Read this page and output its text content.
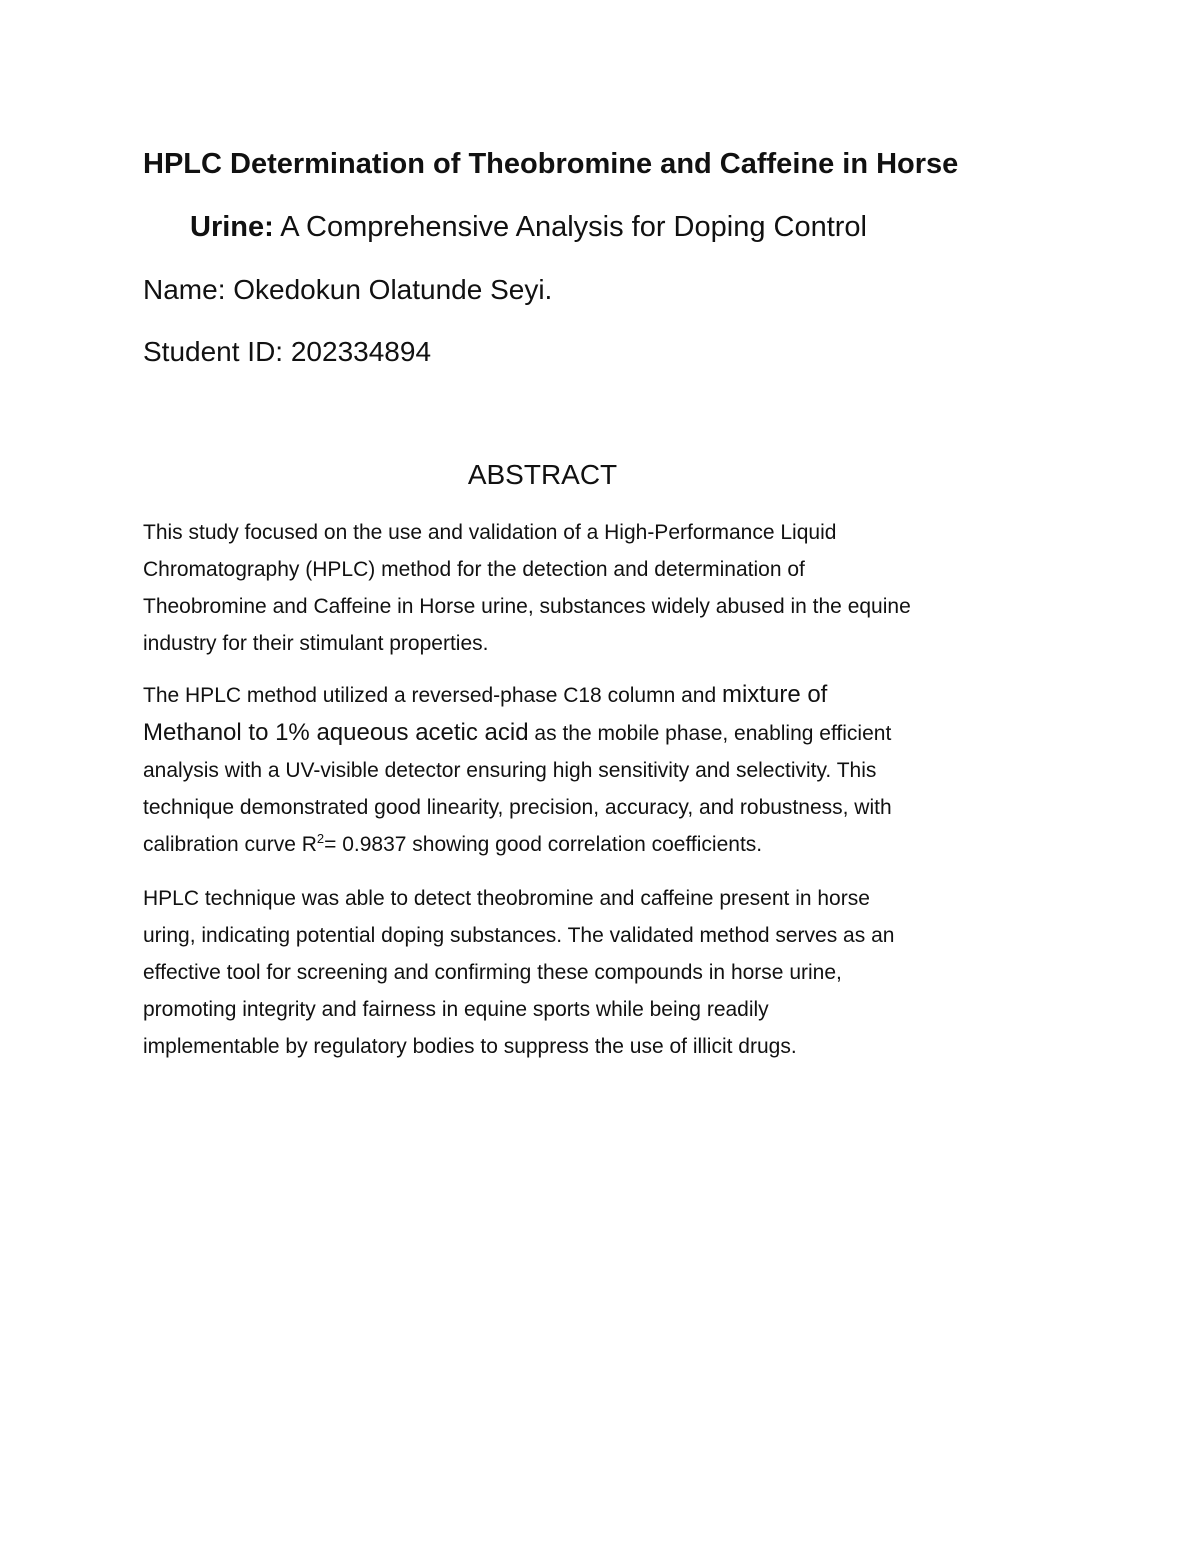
HPLC Determination of Theobromine and Caffeine in Horse
Urine: A Comprehensive Analysis for Doping Control
Name: Okedokun Olatunde Seyi.
Student ID: 202334894
ABSTRACT
This study focused on the use and validation of a High-Performance Liquid
Chromatography (HPLC) method for the detection and determination of
Theobromine and Caffeine in Horse urine, substances widely abused in the equine
industry for their stimulant properties.
The HPLC method utilized a reversed-phase C18 column and mixture of
Methanol to 1% aqueous acetic acid as the mobile phase, enabling efficient
analysis with a UV-visible detector ensuring high sensitivity and selectivity. This
technique demonstrated good linearity, precision, accuracy, and robustness, with
calibration curve $R^2= 0.9837$ showing good correlation coefficients.
HPLC technique was able to detect theobromine and caffeine present in horse
uring, indicating potential doping substances. The validated method serves as an
effective tool for screening and confirming these compounds in horse urine,
promoting integrity and fairness in equine sports while being readily
implementable by regulatory bodies to suppress the use of illicit drugs.
